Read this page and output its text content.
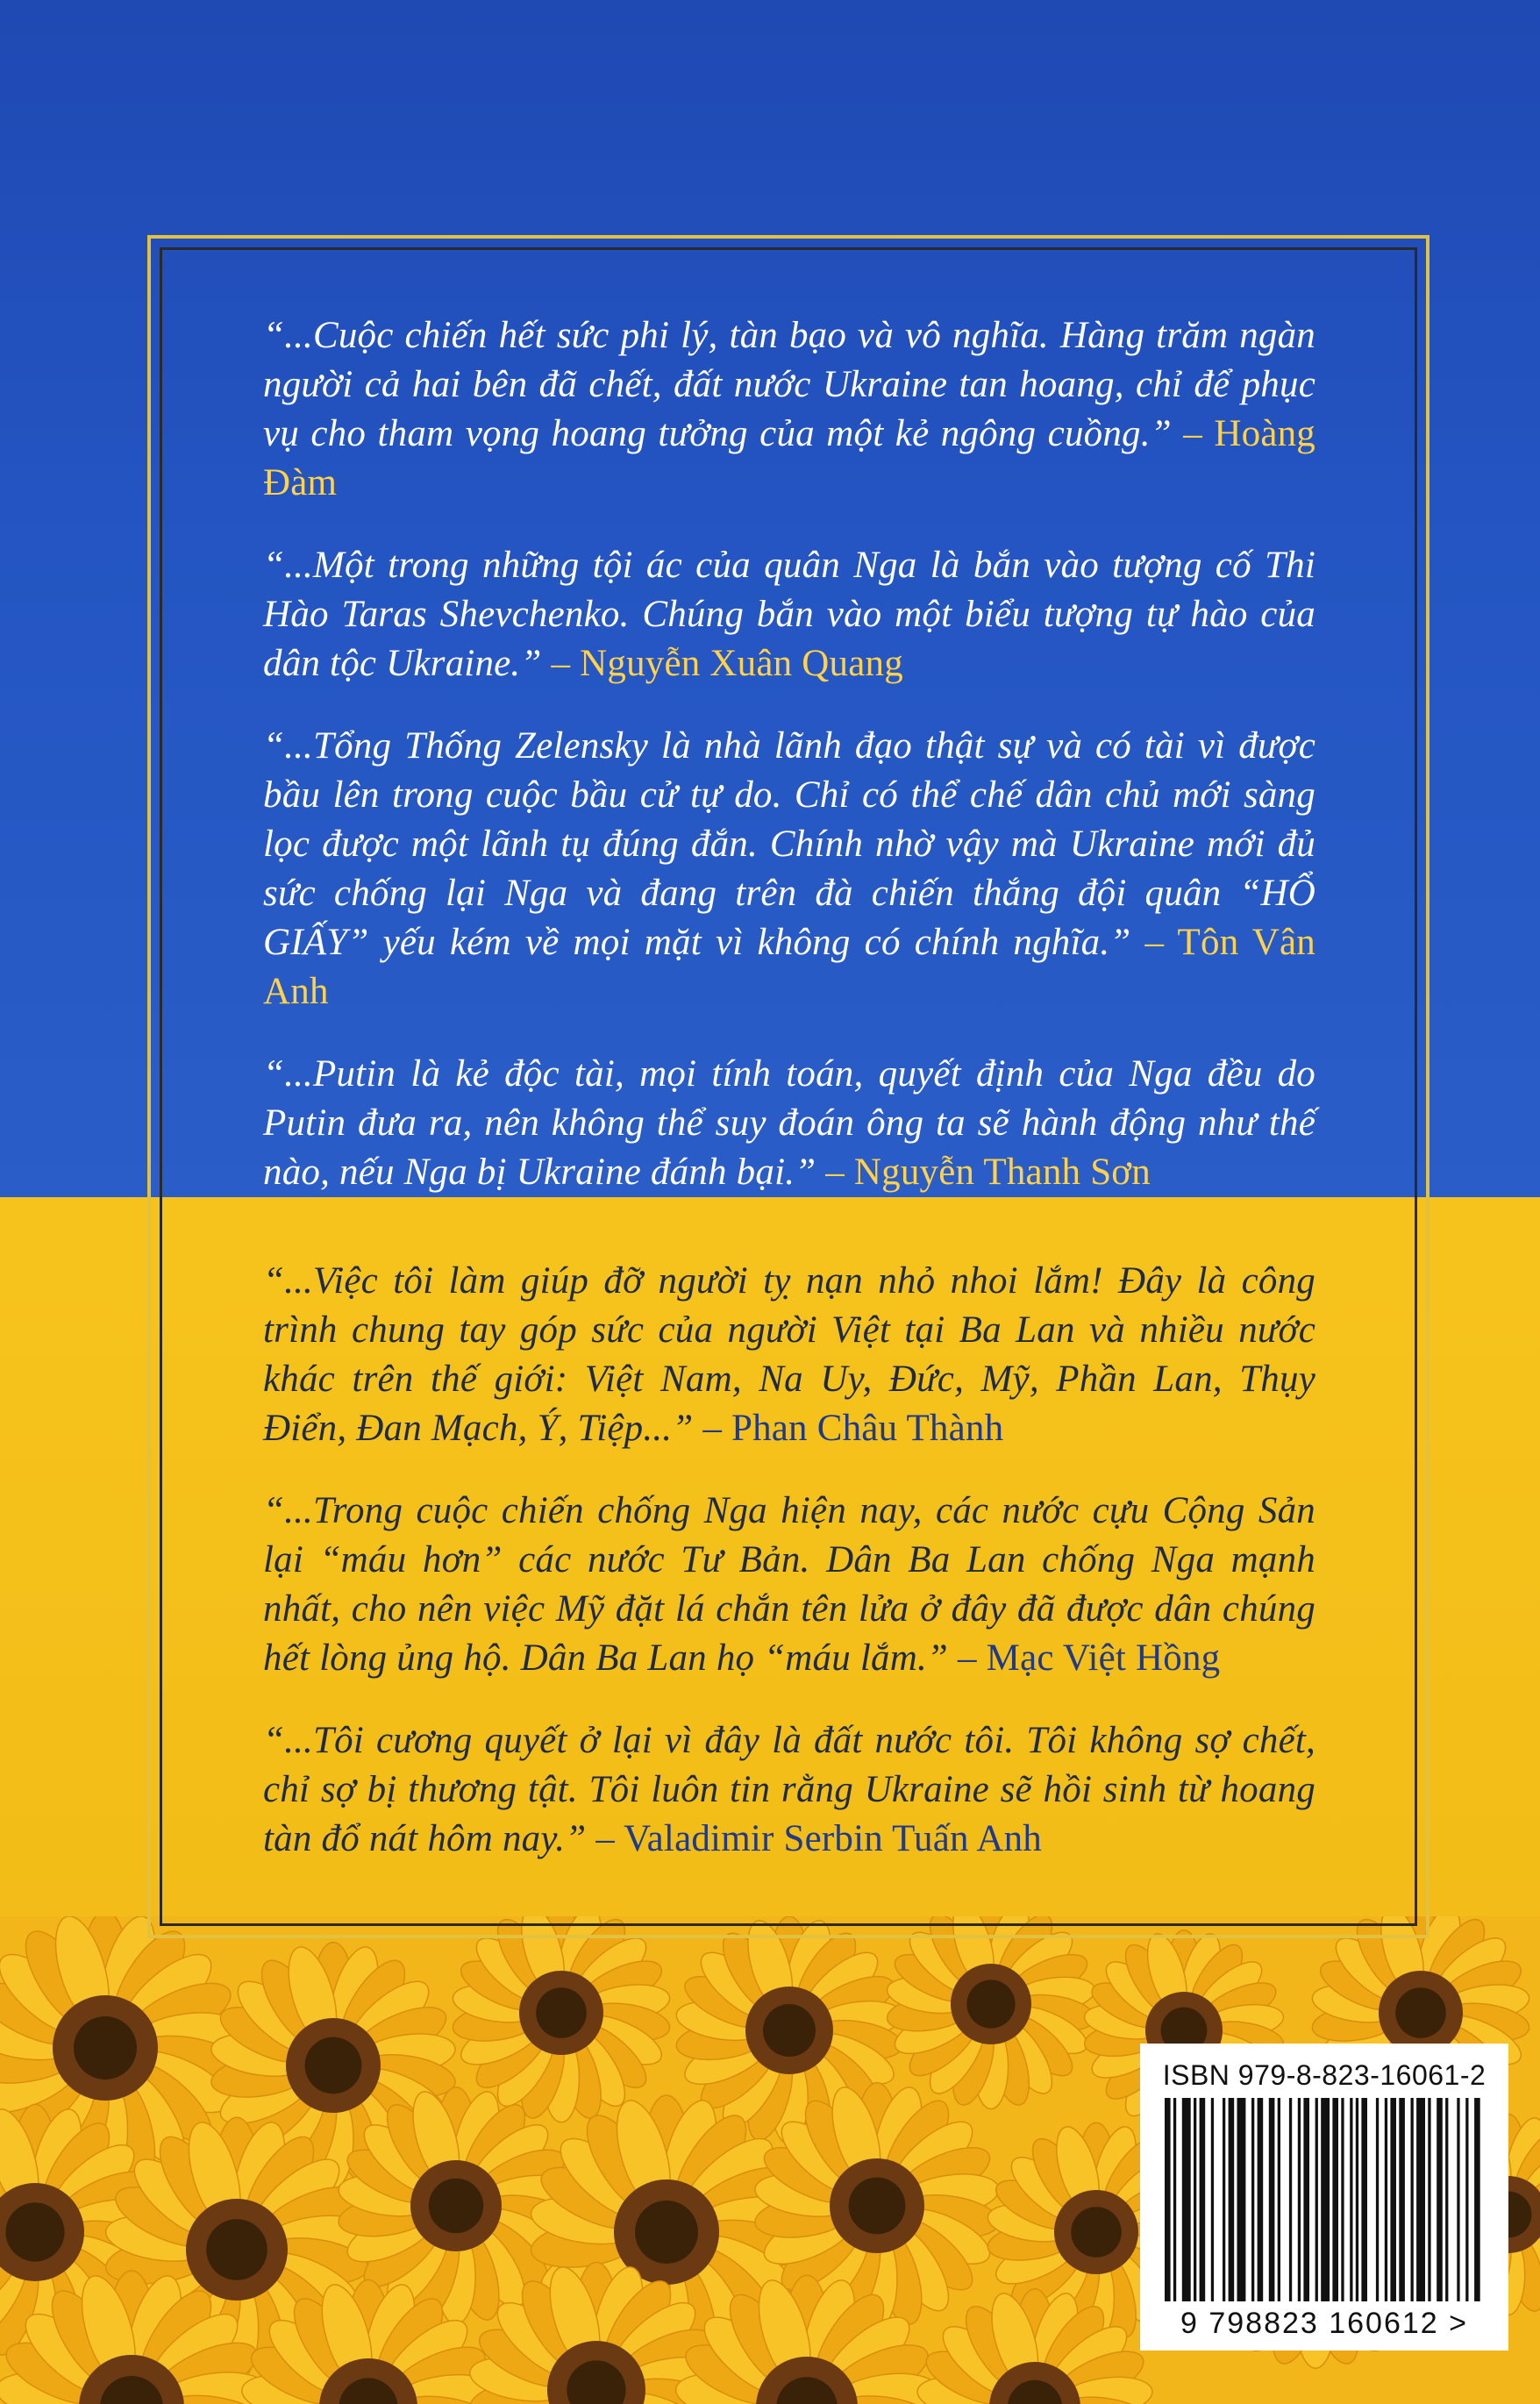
“...Cuộc chiến hết sức phi lý, tàn bạo và vô nghĩa. Hàng trăm ngàn người cả hai bên đã chết, đất nước Ukraine tan hoang, chỉ để phục vụ cho tham vọng hoang tưởng của một kẻ ngông cuồng.” – Hoàng Đàm

“...Một trong những tội ác của quân Nga là bắn vào tượng cố Thi Hào Taras Shevchenko. Chúng bắn vào một biểu tượng tự hào của dân tộc Ukraine.” – Nguyễn Xuân Quang

“...Tổng Thống Zelensky là nhà lãnh đạo thật sự và có tài vì được bầu lên trong cuộc bầu cử tự do. Chỉ có thể chế dân chủ mới sàng lọc được một lãnh tụ đúng đắn. Chính nhờ vậy mà Ukraine mới đủ sức chống lại Nga và đang trên đà chiến thắng đội quân “HỔ GIẤY” yếu kém về mọi mặt vì không có chính nghĩa.” – Tôn Vân Anh

“...Putin là kẻ độc tài, mọi tính toán, quyết định của Nga đều do Putin đưa ra, nên không thể suy đoán ông ta sẽ hành động như thế nào, nếu Nga bị Ukraine đánh bại.” – Nguyễn Thanh Sơn

“...Việc tôi làm giúp đỡ người tỵ nạn nhỏ nhoi lắm! Đây là công trình chung tay góp sức của người Việt tại Ba Lan và nhiều nước khác trên thế giới: Việt Nam, Na Uy, Đức, Mỹ, Phần Lan, Thụy Điển, Đan Mạch, Ý, Tiệp...” – Phan Châu Thành

“...Trong cuộc chiến chống Nga hiện nay, các nước cựu Cộng Sản lại “máu hơn” các nước Tư Bản. Dân Ba Lan chống Nga mạnh nhất, cho nên việc Mỹ đặt lá chắn tên lửa ở đây đã được dân chúng hết lòng ủng hộ. Dân Ba Lan họ “máu lắm.” – Mạc Việt Hồng

“...Tôi cương quyết ở lại vì đây là đất nước tôi. Tôi không sợ chết, chỉ sợ bị thương tật. Tôi luôn tin rằng Ukraine sẽ hồi sinh từ hoang tàn đổ nát hôm nay.” – Valadimir Serbin Tuấn Anh

ISBN 979-8-823-16061-2
9 798823 160612 >
